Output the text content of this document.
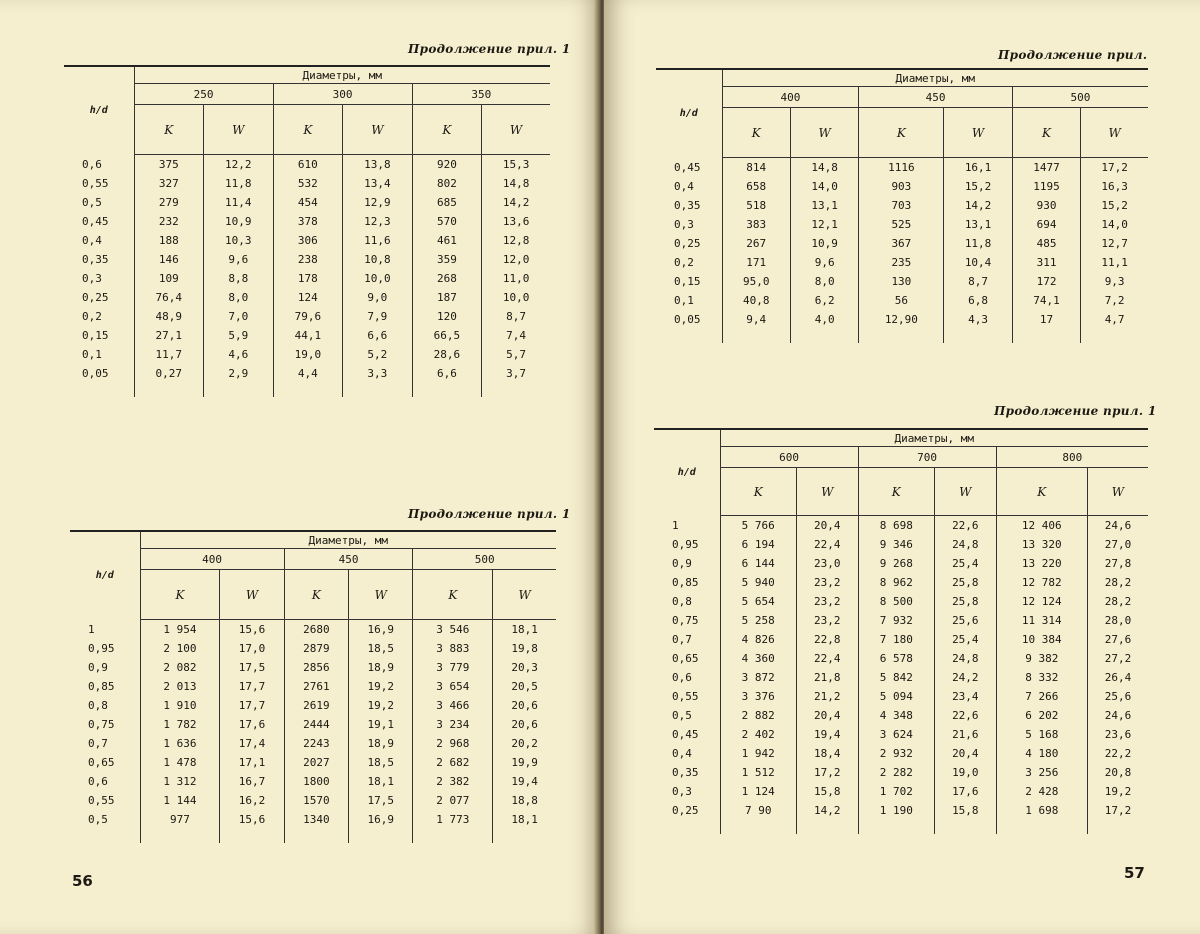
Продолжение прил. 1
h/d	Диаметры, мм					
	250		300		350	
	K	W	K	W	K	W
0,6	375	12,2	610	13,8	920	15,3
0,55	327	11,8	532	13,4	802	14,8
0,5	279	11,4	454	12,9	685	14,2
0,45	232	10,9	378	12,3	570	13,6
0,4	188	10,3	306	11,6	461	12,8
0,35	146	9,6	238	10,8	359	12,0
0,3	109	8,8	178	10,0	268	11,0
0,25	76,4	8,0	124	9,0	187	10,0
0,2	48,9	7,0	79,6	7,9	120	8,7
0,15	27,1	5,9	44,1	6,6	66,5	7,4
0,1	11,7	4,6	19,0	5,2	28,6	5,7
0,05	0,27	2,9	4,4	3,3	6,6	3,7

Продолжение прил. 1
h/d	Диаметры, мм					
	400		450		500	
	K	W	K	W	K	W
1	1 954	15,6	2680	16,9	3 546	18,1
0,95	2 100	17,0	2879	18,5	3 883	19,8
0,9	2 082	17,5	2856	18,9	3 779	20,3
0,85	2 013	17,7	2761	19,2	3 654	20,5
0,8	1 910	17,7	2619	19,2	3 466	20,6
0,75	1 782	17,6	2444	19,1	3 234	20,6
0,7	1 636	17,4	2243	18,9	2 968	20,2
0,65	1 478	17,1	2027	18,5	2 682	19,9
0,6	1 312	16,7	1800	18,1	2 382	19,4
0,55	1 144	16,2	1570	17,5	2 077	18,8
0,5	977	15,6	1340	16,9	1 773	18,1

56
Продолжение прил.
h/d	Диаметры, мм					
	400		450		500	
	K	W	K	W	K	W
0,45	814	14,8	1116	16,1	1477	17,2
0,4	658	14,0	903	15,2	1195	16,3
0,35	518	13,1	703	14,2	930	15,2
0,3	383	12,1	525	13,1	694	14,0
0,25	267	10,9	367	11,8	485	12,7
0,2	171	9,6	235	10,4	311	11,1
0,15	95,0	8,0	130	8,7	172	9,3
0,1	40,8	6,2	56	6,8	74,1	7,2
0,05	9,4	4,0	12,90	4,3	17	4,7

Продолжение прил. 1
h/d	Диаметры, мм					
	600		700		800	
	K	W	K	W	K	W
1	5 766	20,4	8 698	22,6	12 406	24,6
0,95	6 194	22,4	9 346	24,8	13 320	27,0
0,9	6 144	23,0	9 268	25,4	13 220	27,8
0,85	5 940	23,2	8 962	25,8	12 782	28,2
0,8	5 654	23,2	8 500	25,8	12 124	28,2
0,75	5 258	23,2	7 932	25,6	11 314	28,0
0,7	4 826	22,8	7 180	25,4	10 384	27,6
0,65	4 360	22,4	6 578	24,8	9 382	27,2
0,6	3 872	21,8	5 842	24,2	8 332	26,4
0,55	3 376	21,2	5 094	23,4	7 266	25,6
0,5	2 882	20,4	4 348	22,6	6 202	24,6
0,45	2 402	19,4	3 624	21,6	5 168	23,6
0,4	1 942	18,4	2 932	20,4	4 180	22,2
0,35	1 512	17,2	2 282	19,0	3 256	20,8
0,3	1 124	15,8	1 702	17,6	2 428	19,2
0,25	7 90	14,2	1 190	15,8	1 698	17,2

57
